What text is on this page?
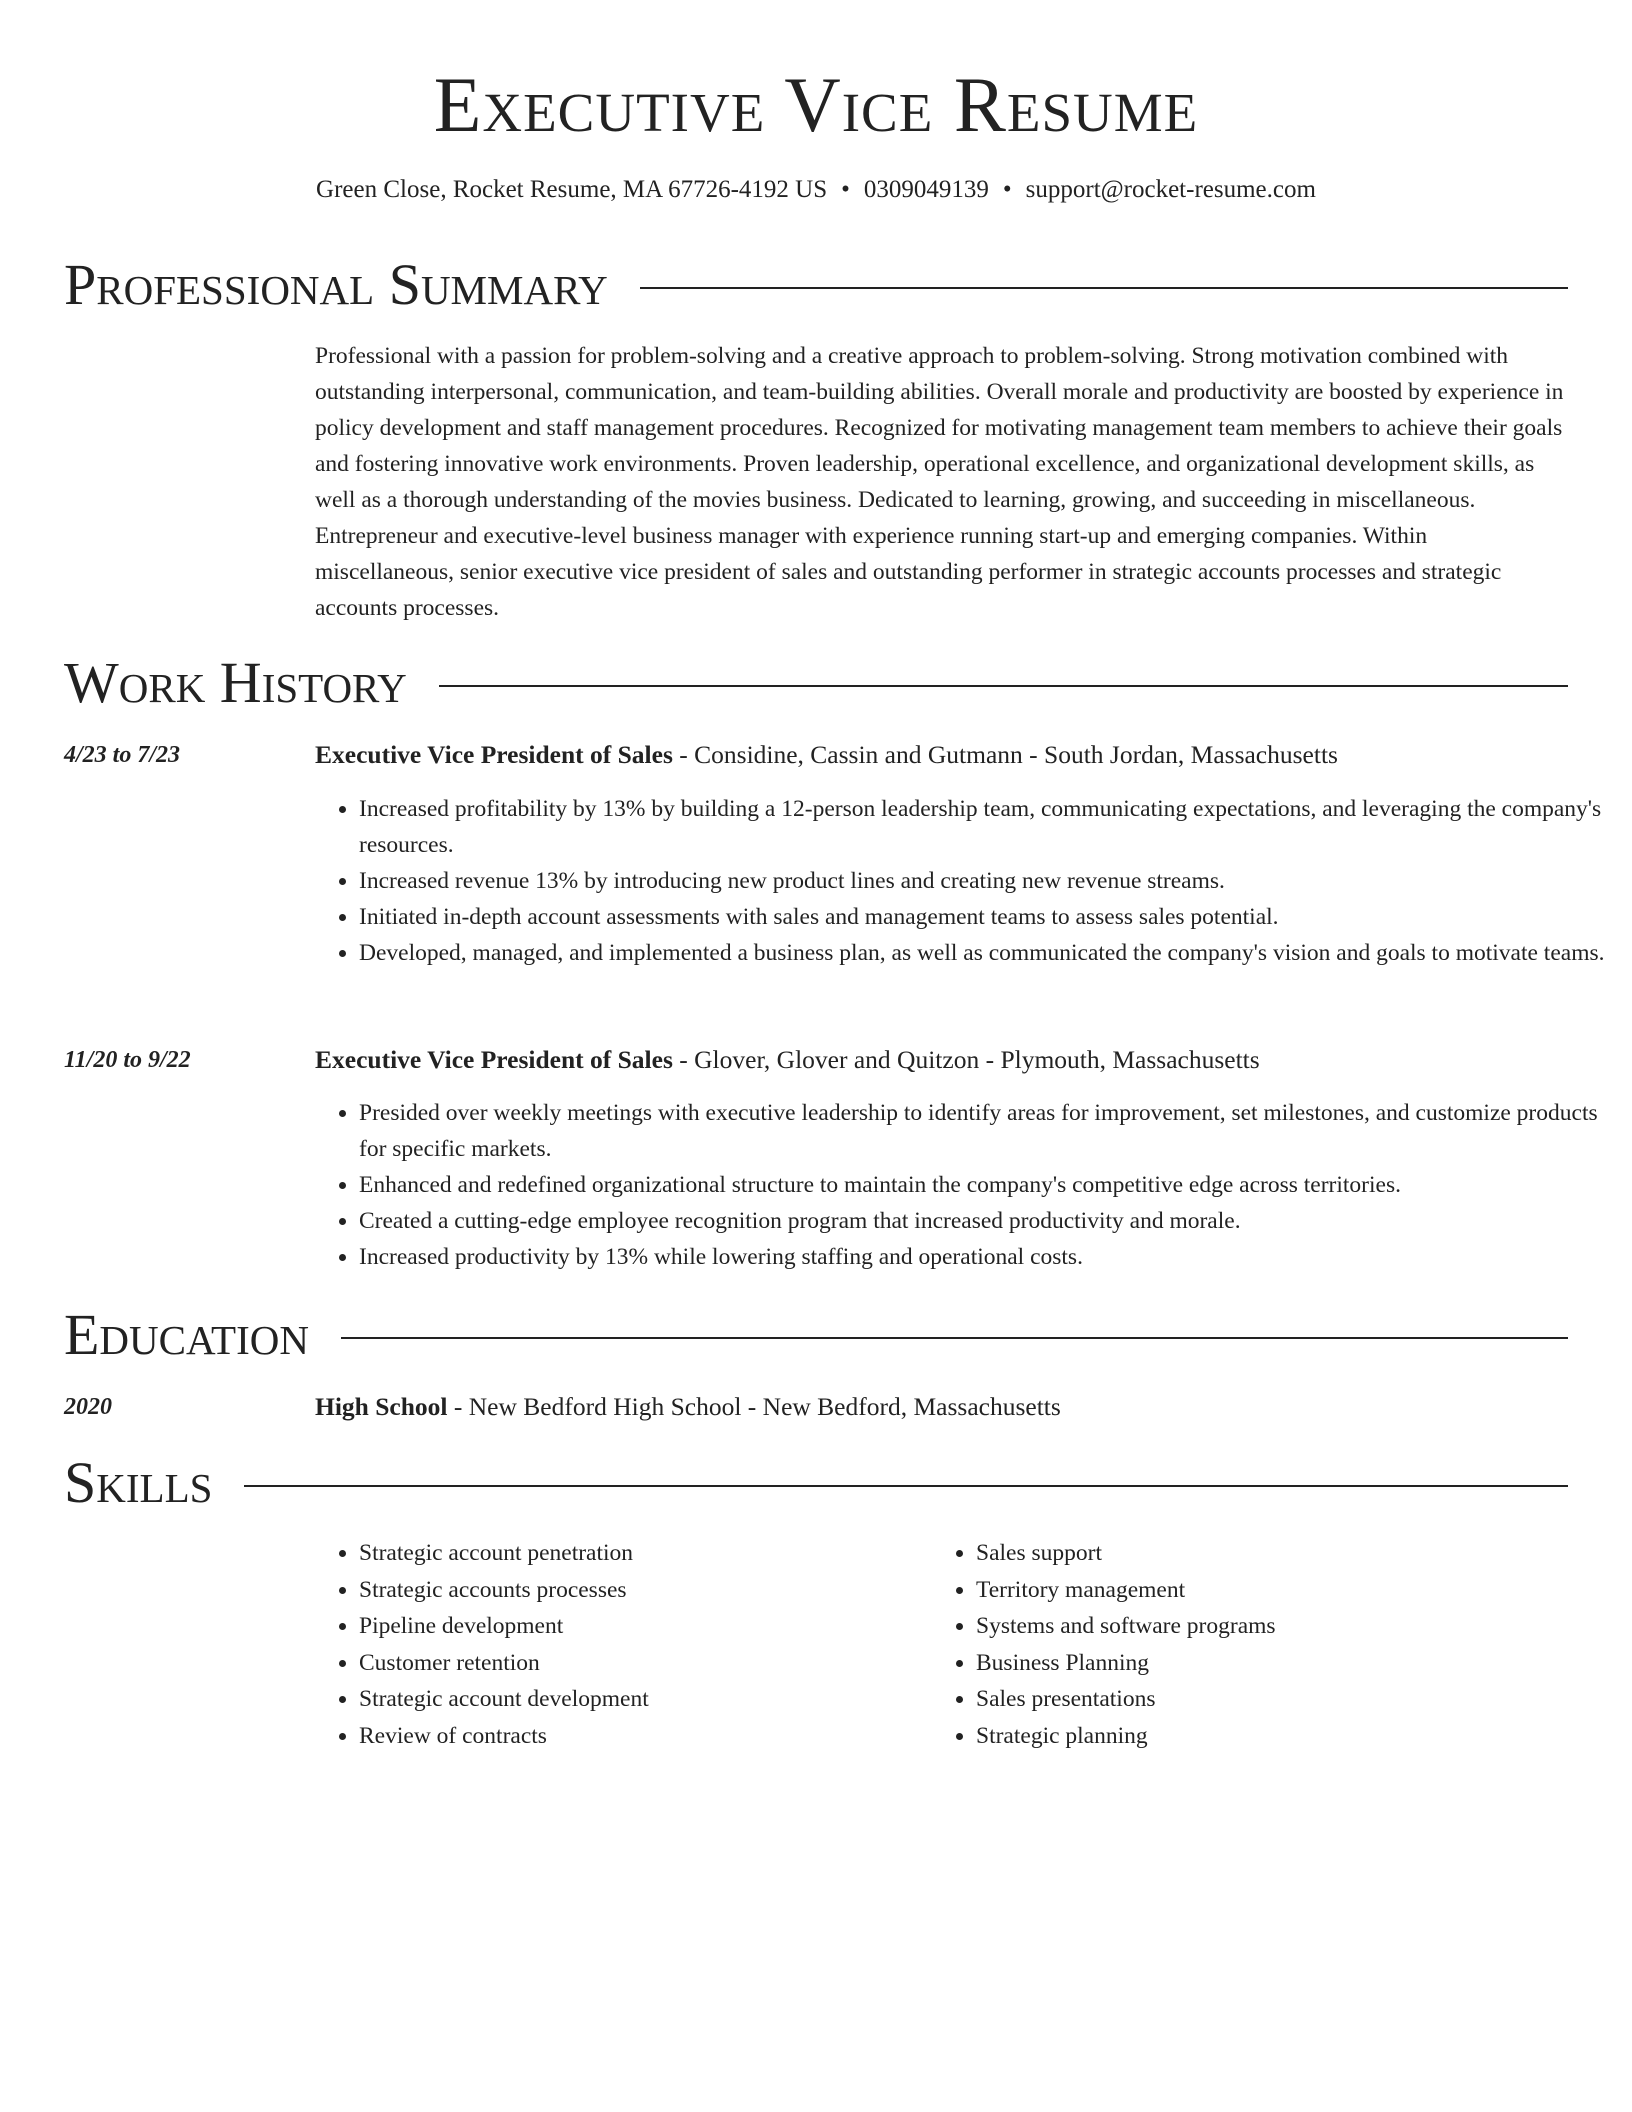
Executive Vice Resume
Green Close, Rocket Resume, MA 67726-4192 US • 0309049139 • support@rocket-resume.com
Professional Summary

Professional with a passion for problem-solving and a creative approach to problem-solving. Strong motivation combined with outstanding interpersonal, communication, and team-building abilities. Overall morale and productivity are boosted by experience in policy development and staff management procedures. Recognized for motivating management team members to achieve their goals and fostering innovative work environments. Proven leadership, operational excellence, and organizational development skills, as well as a thorough understanding of the movies business. Dedicated to learning, growing, and succeeding in miscellaneous. Entrepreneur and executive-level business manager with experience running start-up and emerging companies. Within miscellaneous, senior executive vice president of sales and outstanding performer in strategic accounts processes and strategic accounts processes.

Work History
4/23 to 7/23	Executive Vice President of Sales - Considine, Cassin and Gutmann - South Jordan, Massachusetts
• Increased profitability by 13% by building a 12-person leadership team, communicating expectations, and leveraging the company's resources.
• Increased revenue 13% by introducing new product lines and creating new revenue streams.
• Initiated in-depth account assessments with sales and management teams to assess sales potential.
• Developed, managed, and implemented a business plan, as well as communicated the company's vision and goals to motivate teams.
11/20 to 9/22	Executive Vice President of Sales - Glover, Glover and Quitzon - Plymouth, Massachusetts
• Presided over weekly meetings with executive leadership to identify areas for improvement, set milestones, and customize products for specific markets.
• Enhanced and redefined organizational structure to maintain the company's competitive edge across territories.
• Created a cutting-edge employee recognition program that increased productivity and morale.
• Increased productivity by 13% while lowering staffing and operational costs.
Education
2020	High School - New Bedford High School - New Bedford, Massachusetts
Skills
• Strategic account penetration
• Strategic accounts processes
• Pipeline development
• Customer retention
• Strategic account development
• Review of contracts
• Sales support
• Territory management
• Systems and software programs
• Business Planning
• Sales presentations
• Strategic planning
